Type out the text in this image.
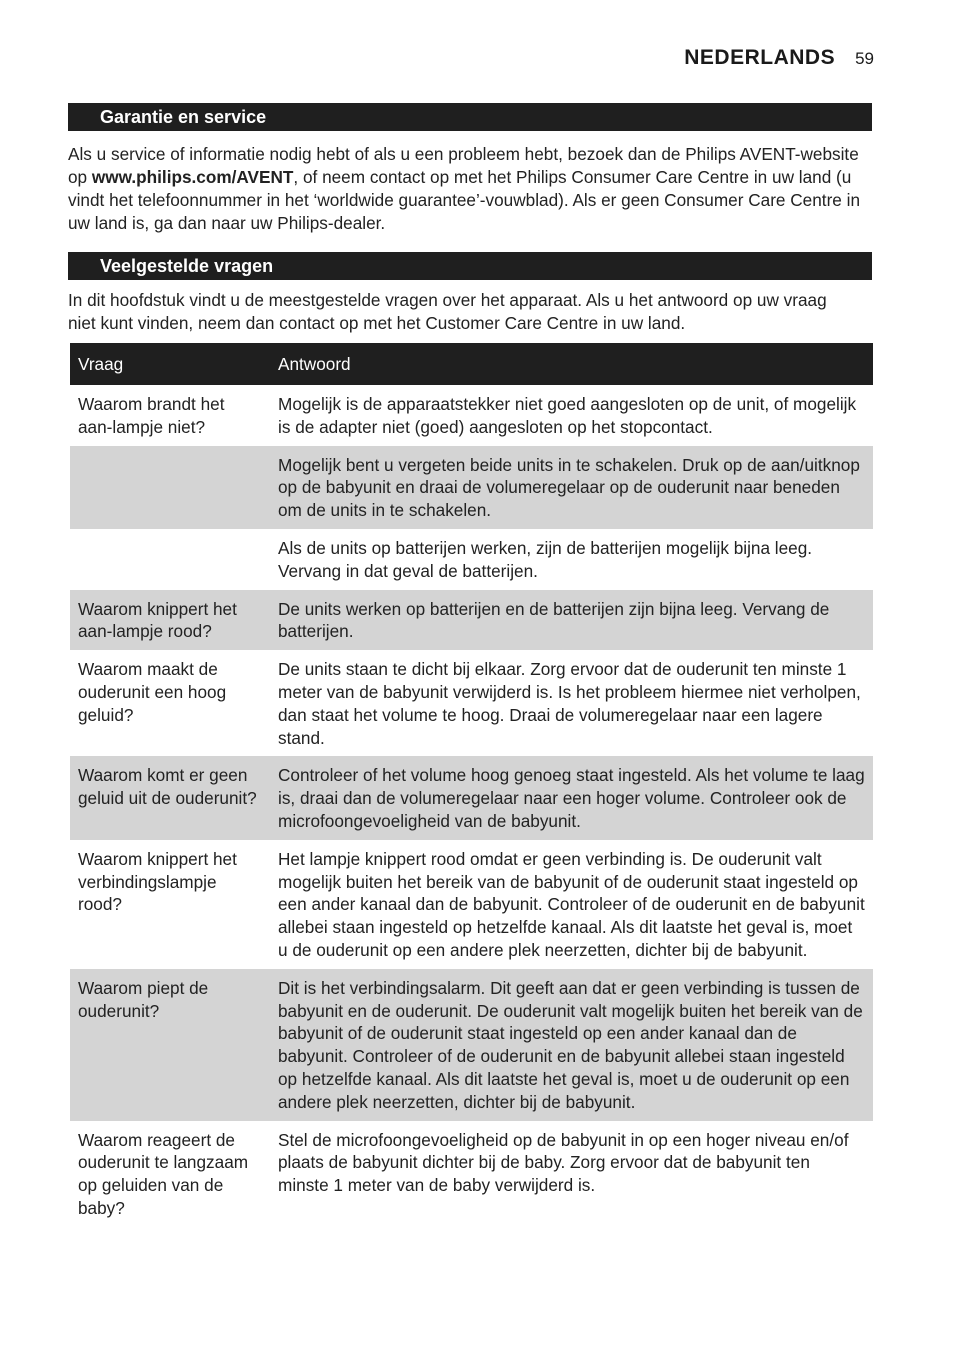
NEDERLANDS 59
Garantie en service

Als u service of informatie nodig hebt of als u een probleem hebt, bezoek dan de Philips AVENT-website op www.philips.com/AVENT, of neem contact op met het Philips Consumer Care Centre in uw land (u vindt het telefoonnummer in het ‘worldwide guarantee’-vouwblad). Als er geen Consumer Care Centre in uw land is, ga dan naar uw Philips-dealer.

Veelgestelde vragen

In dit hoofdstuk vindt u de meestgestelde vragen over het apparaat. Als u het antwoord op uw vraag niet kunt vinden, neem dan contact op met het Customer Care Centre in uw land.

Vraag	Antwoord
Waarom brandt het aan-lampje niet?	Mogelijk is de apparaatstekker niet goed aangesloten op de unit, of mogelijk is de adapter niet (goed) aangesloten op het stopcontact.
	Mogelijk bent u vergeten beide units in te schakelen. Druk op de aan/uitknop op de babyunit en draai de volumeregelaar op de ouderunit naar beneden om de units in te schakelen.
	Als de units op batterijen werken, zijn de batterijen mogelijk bijna leeg. Vervang in dat geval de batterijen.
Waarom knippert het aan-lampje rood?	De units werken op batterijen en de batterijen zijn bijna leeg. Vervang de batterijen.
Waarom maakt de ouderunit een hoog geluid?	De units staan te dicht bij elkaar. Zorg ervoor dat de ouderunit ten minste 1 meter van de babyunit verwijderd is. Is het probleem hiermee niet verholpen, dan staat het volume te hoog. Draai de volumeregelaar naar een lagere stand.
Waarom komt er geen geluid uit de ouderunit?	Controleer of het volume hoog genoeg staat ingesteld. Als het volume te laag is, draai dan de volumeregelaar naar een hoger volume. Controleer ook de microfoongevoeligheid van de babyunit.
Waarom knippert het verbindingslampje rood?	Het lampje knippert rood omdat er geen verbinding is. De ouderunit valt mogelijk buiten het bereik van de babyunit of de ouderunit staat ingesteld op een ander kanaal dan de babyunit. Controleer of de ouderunit en de babyunit allebei staan ingesteld op hetzelfde kanaal. Als dit laatste het geval is, moet u de ouderunit op een andere plek neerzetten, dichter bij de babyunit.
Waarom piept de ouderunit?	Dit is het verbindingsalarm. Dit geeft aan dat er geen verbinding is tussen de babyunit en de ouderunit. De ouderunit valt mogelijk buiten het bereik van de babyunit of de ouderunit staat ingesteld op een ander kanaal dan de babyunit. Controleer of de ouderunit en de babyunit allebei staan ingesteld op hetzelfde kanaal. Als dit laatste het geval is, moet u de ouderunit op een andere plek neerzetten, dichter bij de babyunit.
Waarom reageert de ouderunit te langzaam op geluiden van de baby?	Stel de microfoongevoeligheid op de babyunit in op een hoger niveau en/of plaats de babyunit dichter bij de baby. Zorg ervoor dat de babyunit ten minste 1 meter van de baby verwijderd is.
